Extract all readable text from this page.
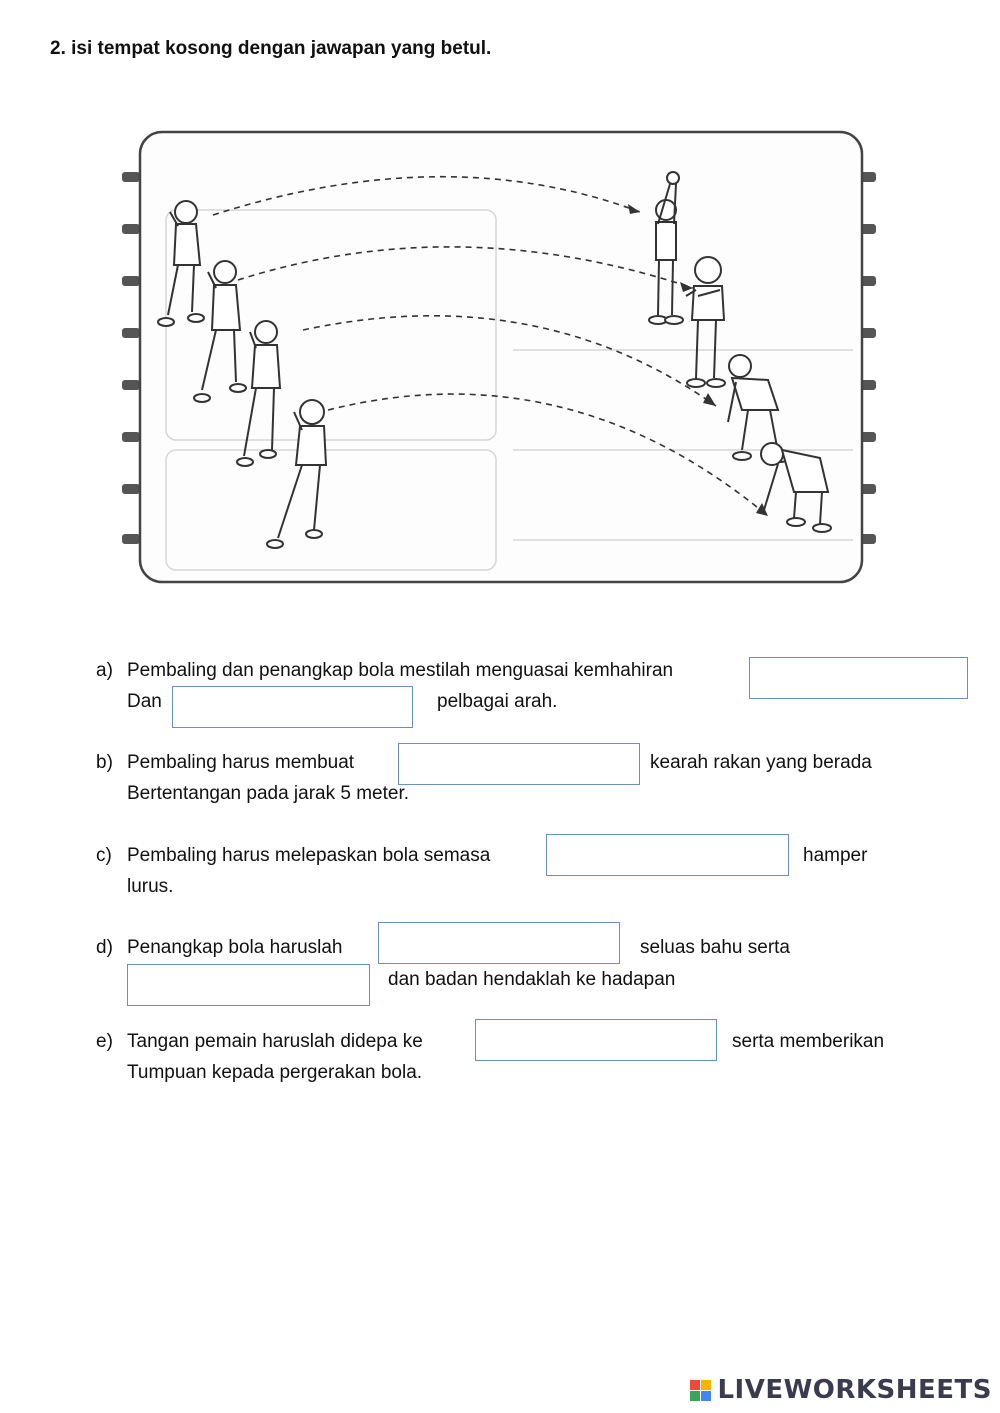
2. isi tempat kosong dengan jawapan yang betul.
a) Pembaling dan penangkap bola mestilah menguasai kemhahiran
Dan	pelbagai arah.
b) Pembaling harus membuat	kearah rakan yang berada
Bertentangan pada jarak 5 meter.
c) Pembaling harus melepaskan bola semasa	hamper
lurus.
d) Penangkap bola haruslah	seluas bahu serta
dan badan hendaklah ke hadapan
e) Tangan pemain haruslah didepa ke	serta memberikan
Tumpuan kepada pergerakan bola.
LIVEWORKSHEETS
